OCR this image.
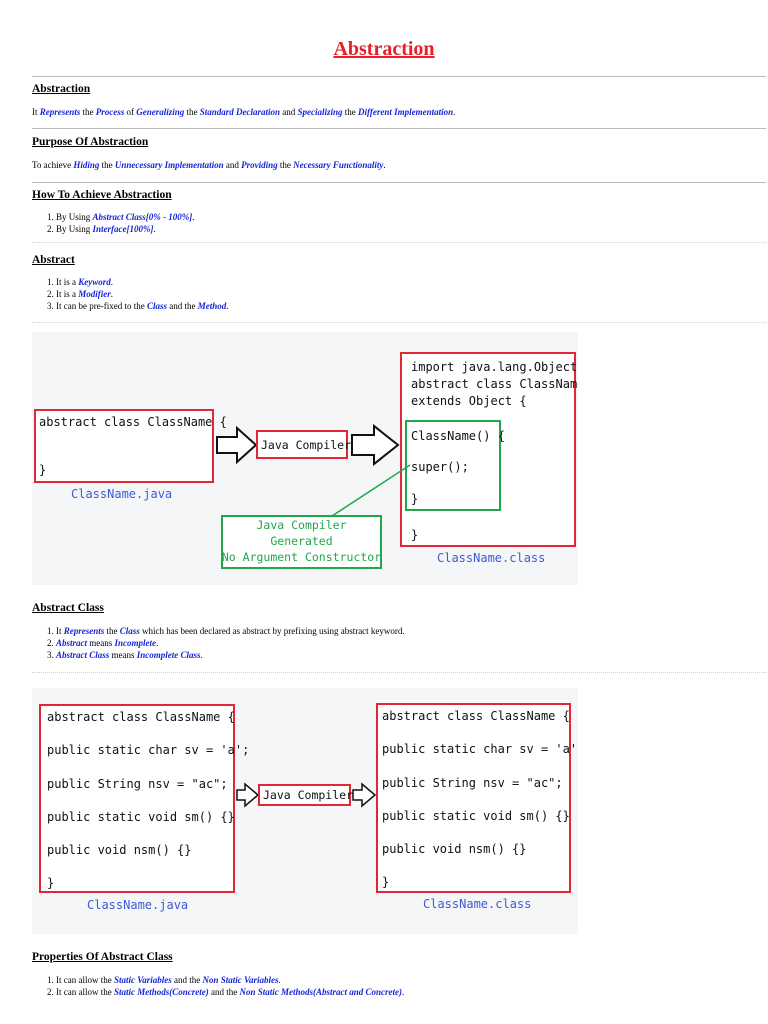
Abstraction
Abstraction
It Represents the Process of Generalizing the Standard Declaration and Specializing the Different Implementation.
Purpose Of Abstraction
To achieve Hiding the Unnecessary Implementation and Providing the Necessary Functionality.
How To Achieve Abstraction
1. By Using Abstract Class[0% - 100%].
2. By Using Interface[100%].
Abstract
1. It is a Keyword.
2. It is a Modifier.
3. It can be pre-fixed to the Class and the Method.
abstract class ClassName {
}
ClassName.java
Java Compiler
import java.lang.Object;
abstract class ClassName
extends Object {
ClassName() {
super();
}
}
ClassName.class
Java Compiler
Generated
No Argument Constructor
Abstract Class
1. It Represents the Class which has been declared as abstract by prefixing using abstract keyword.
2. Abstract means Incomplete.
3. Abstract Class means Incomplete Class.
abstract class ClassName {
public static char sv = 'a';
public String nsv = "ac";
public static void sm() {}
public void nsm() {}
}
ClassName.java
Java Compiler
abstract class ClassName {
public static char sv = 'a';
public String nsv = "ac";
public static void sm() {}
public void nsm() {}
}
ClassName.class
Properties Of Abstract Class
1. It can allow the Static Variables and the Non Static Variables.
2. It can allow the Static Methods(Concrete) and the Non Static Methods(Abstract and Concrete).
